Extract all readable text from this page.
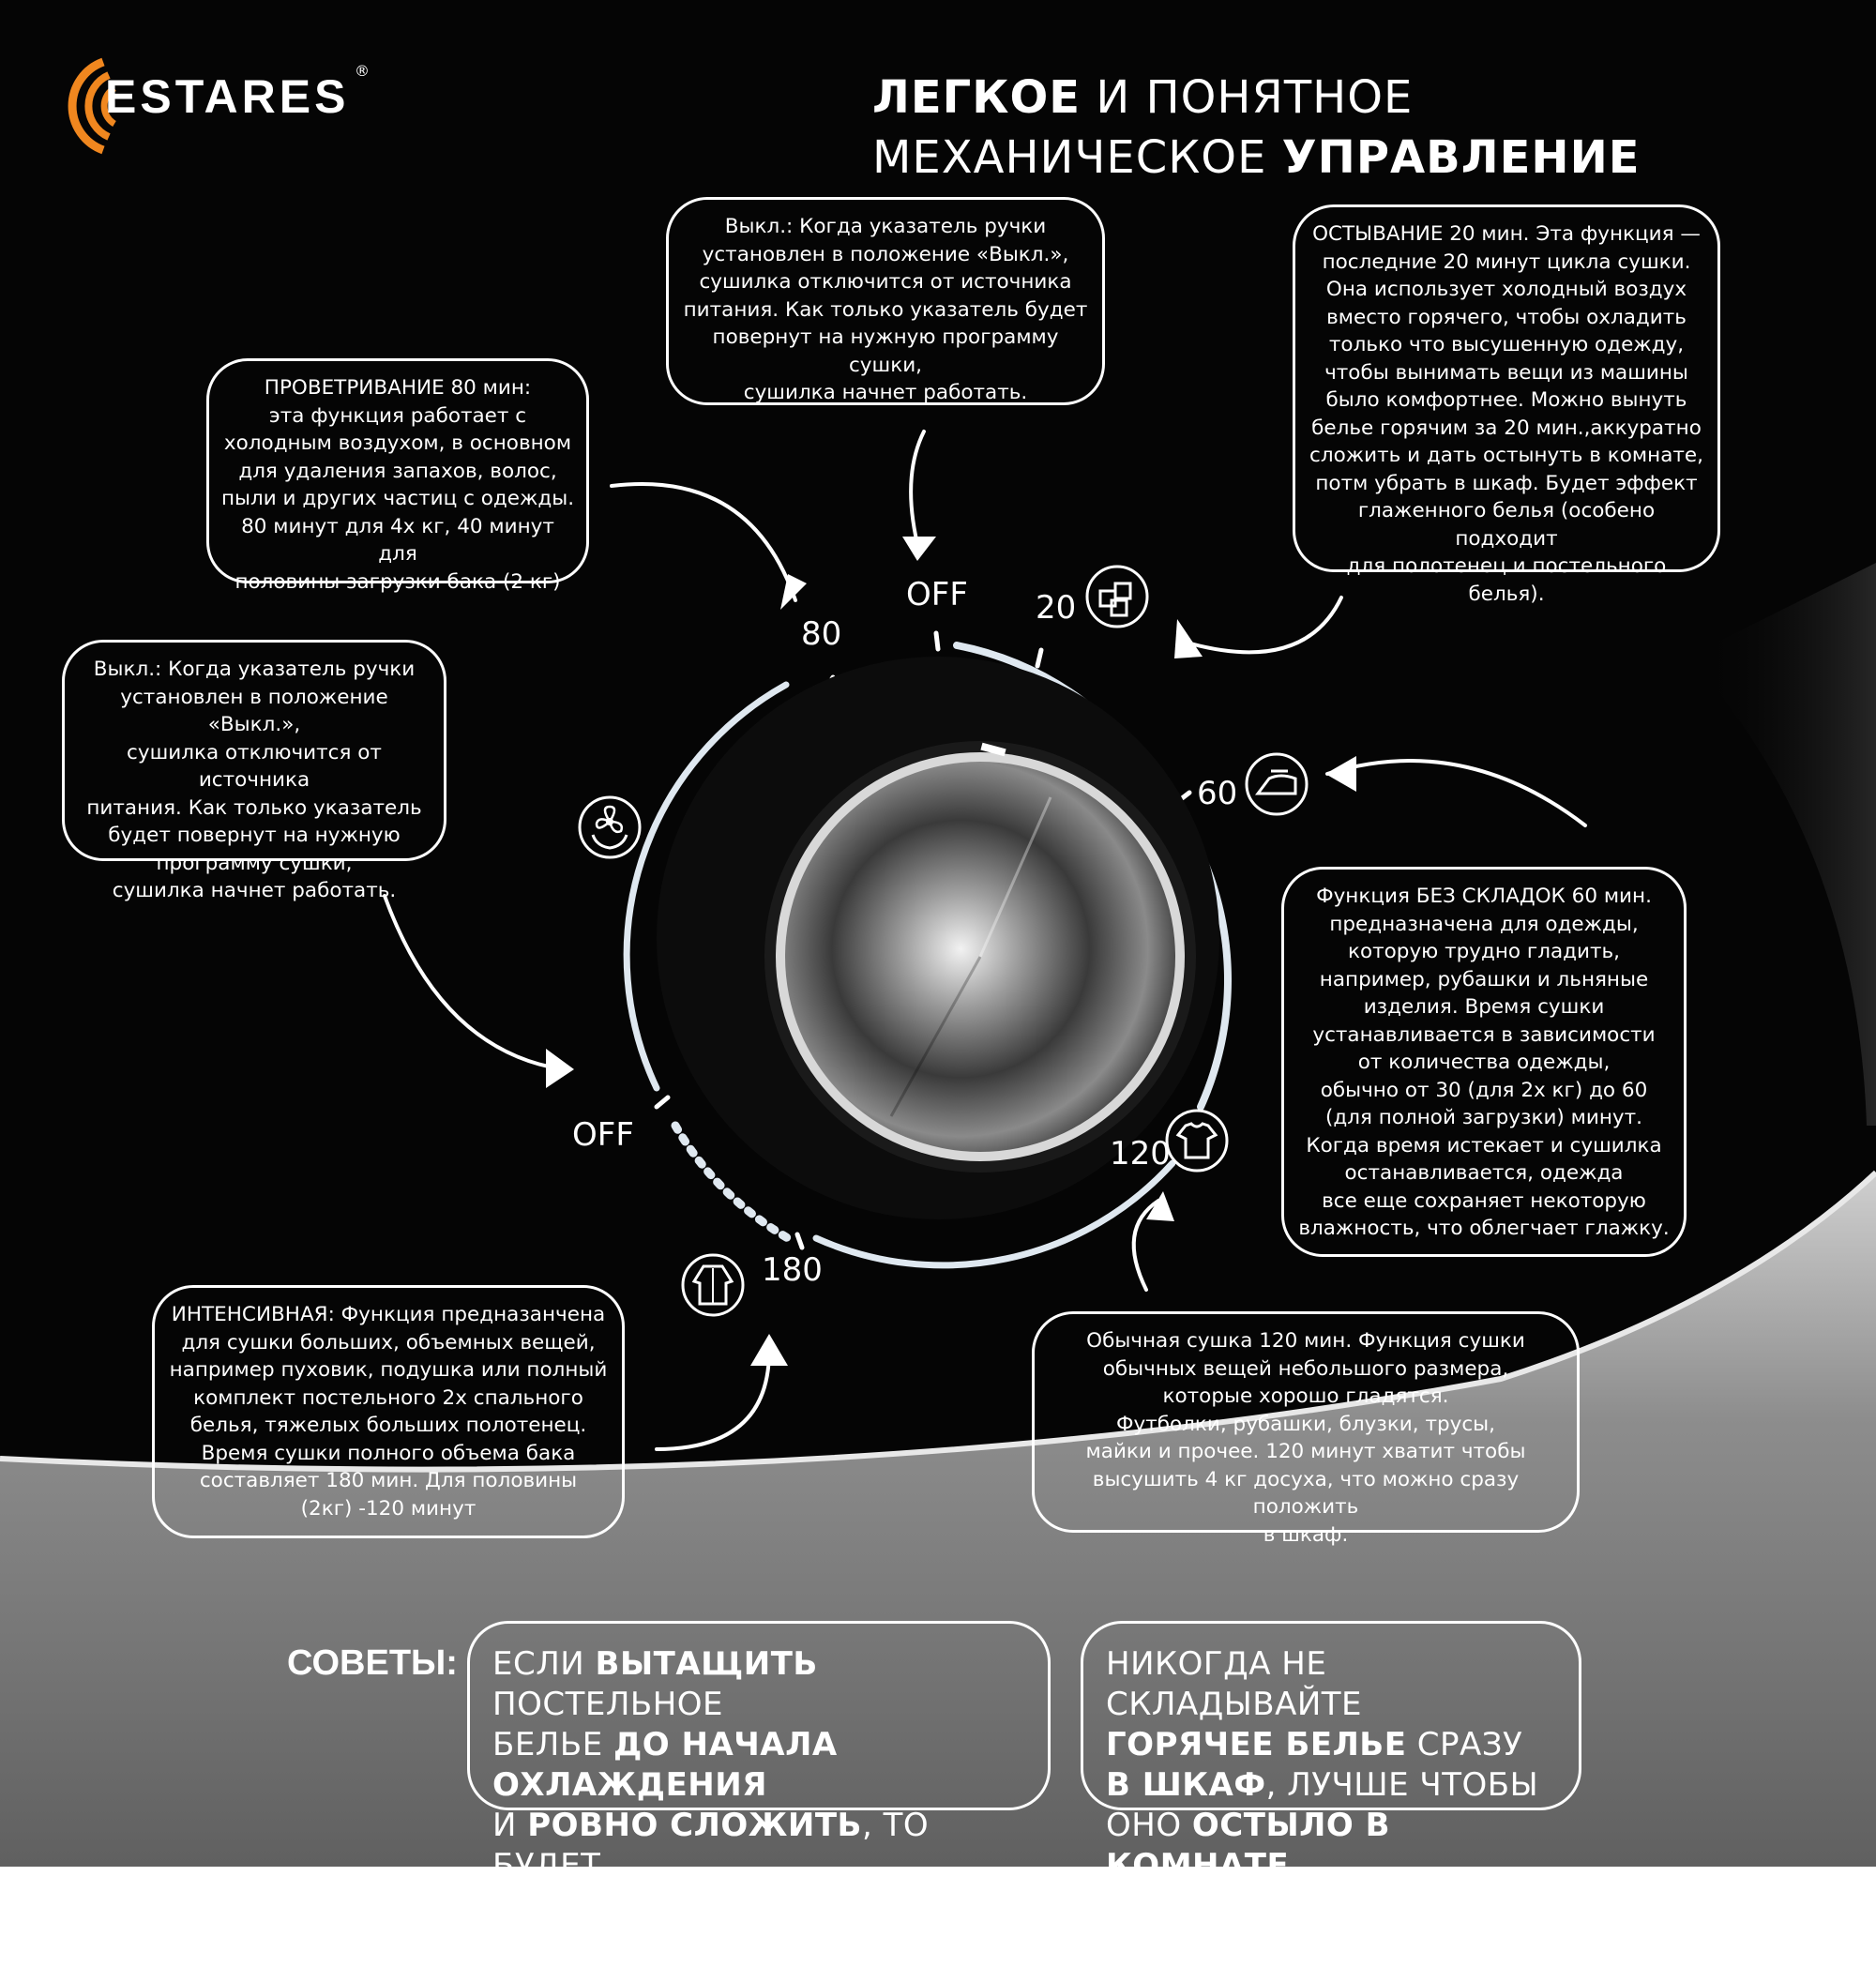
ESTARES ®
ЛЕГКОЕ И ПОНЯТНОЕ
МЕХАНИЧЕСКОЕ УПРАВЛЕНИЕ
OFF 20
60
120
180
OFF
80
Выкл.: Когда указатель ручки
установлен в положение «Выкл.»,
сушилка отключится от источника
питания. Как только указатель будет
повернут на нужную программу сушки,
сушилка начнет работать.
ОСТЫВАНИЕ 20 мин. Эта функция —
последние 20 минут цикла сушки.
Она использует холодный воздух
вместо горячего, чтобы охладить
только что высушенную одежду,
чтобы вынимать вещи из машины
было комфортнее. Можно вынуть
белье горячим за 20 мин.,аккуратно
сложить и дать остынуть в комнате,
потм убрать в шкаф. Будет эффект
глаженного белья (особено подходит
для полотенец и постельного белья).
ПРОВЕТРИВАНИЕ 80 мин:
эта функция работает с
холодным воздухом, в основном
для удаления запахов, волос,
пыли и других частиц с одежды.
80 минут для 4х кг, 40 минут для
половины загрузки бака (2 кг)
Выкл.: Когда указатель ручки
установлен в положение «Выкл.»,
сушилка отключится от источника
питания. Как только указатель
будет повернут на нужную
программу сушки,
сушилка начнет работать.	Функция БЕЗ СКЛАДОК 60 мин.
предназначена для одежды,
которую трудно гладить,
например, рубашки и льняные
изделия. Время сушки
устанавливается в зависимости
от количества одежды,
обычно от 30 (для 2х кг) до 60
(для полной загрузки) минут.
Когда время истекает и сушилка
останавливается, одежда
все еще сохраняет некоторую
влажность, что облегчает глажку.
Обычная сушка 120 мин. Функция сушки
обычных вещей небольшого размера,
которые хорошо гладятся.
Футболки, рубашки, блузки, трусы,
майки и прочее. 120 минут хватит чтобы
высушить 4 кг досуха, что можно сразу положить
шкаф.
ИНТЕНСИВНАЯ: Функция предназанчена
для сушки больших, объемных вещей,
например пуховик, подушка или полный
комплект постельного 2х спального
белья, тяжелых больших полотенец.
Время сушки полного объема бака
составляет 180 мин. Для половины
(2кг) -120 минут
СОВЕТЫ:	ЕСЛИ ВЫТАЩИТЬ ПОСТЕЛЬНОЕ
БЕЛЬЕ ДО НАЧАЛА ОХЛАЖДЕНИЯ
И РОВНО СЛОЖИТЬ, ТО БУДЕТ
ЭФФЕКТ ГЛАЖЕННОГО БЕЛЬЯ
НИКОГДА НЕ СКЛАДЫВАЙТЕ
ГОРЯЧЕЕ БЕЛЬЕ СРАЗУ
В ШКАФ, ЛУЧШЕ ЧТОБЫ
ОНО ОСТЫЛО В КОМНАТЕ
